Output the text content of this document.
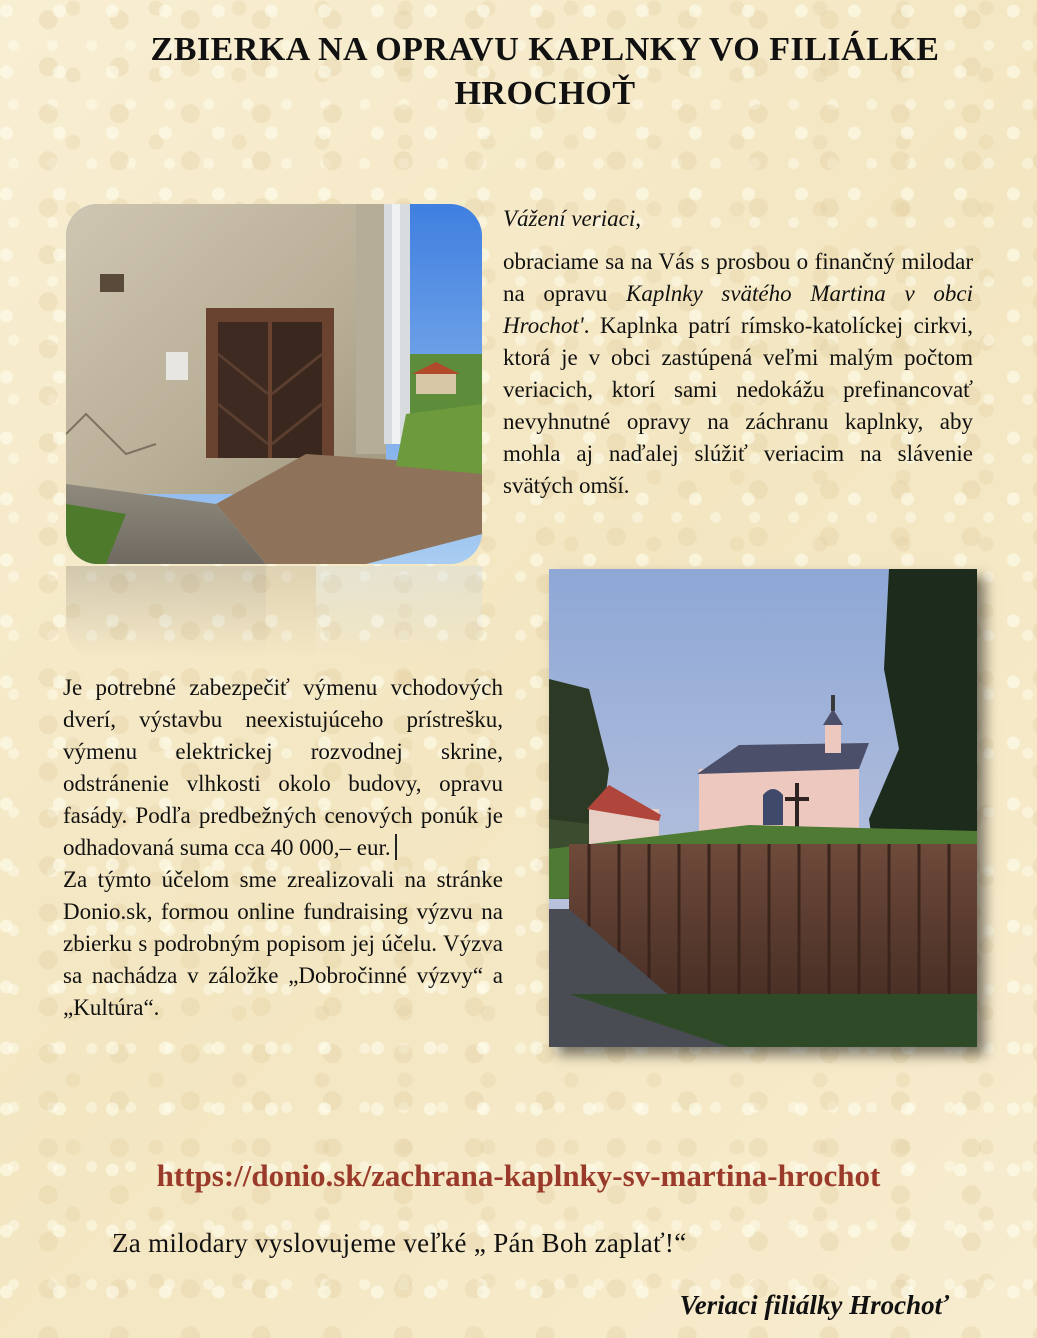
ZBIERKA NA OPRAVU KAPLNKY VO FILIÁLKE HROCHOŤ

Vážení veriaci,

obraciame sa na Vás s prosbou o finančný milodar na opravu Kaplnky svätého Martina v obci Hrochot'. Kaplnka patrí rímsko-katolíckej cirkvi, ktorá je v obci zastúpená veľmi malým počtom veriacich, ktorí sami nedokážu prefinancovať nevyhnutné opravy na záchranu kaplnky, aby mohla aj naďalej slúžiť veriacim na slávenie svätých omší.

Je potrebné zabezpečiť výmenu vchodových dverí, výstavbu neexistujúceho prístrešku, výmenu elektrickej rozvodnej skrine, odstránenie vlhkosti okolo budovy, opravu fasády. Podľa predbežných cenových ponúk je odhadovaná suma cca 40 000,– eur.

Za týmto účelom sme zrealizovali na stránke Donio.sk, formou online fundraising výzvu na zbierku s podrobným popisom jej účelu. Výzva sa nachádza v záložke „Dobročinné výzvy“ a „Kultúra“.

https://donio.sk/zachrana-kaplnky-sv-martina-hrochot

Za milodary vyslovujeme veľké „ Pán Boh zaplať!“

Veriaci filiálky Hrochoť
